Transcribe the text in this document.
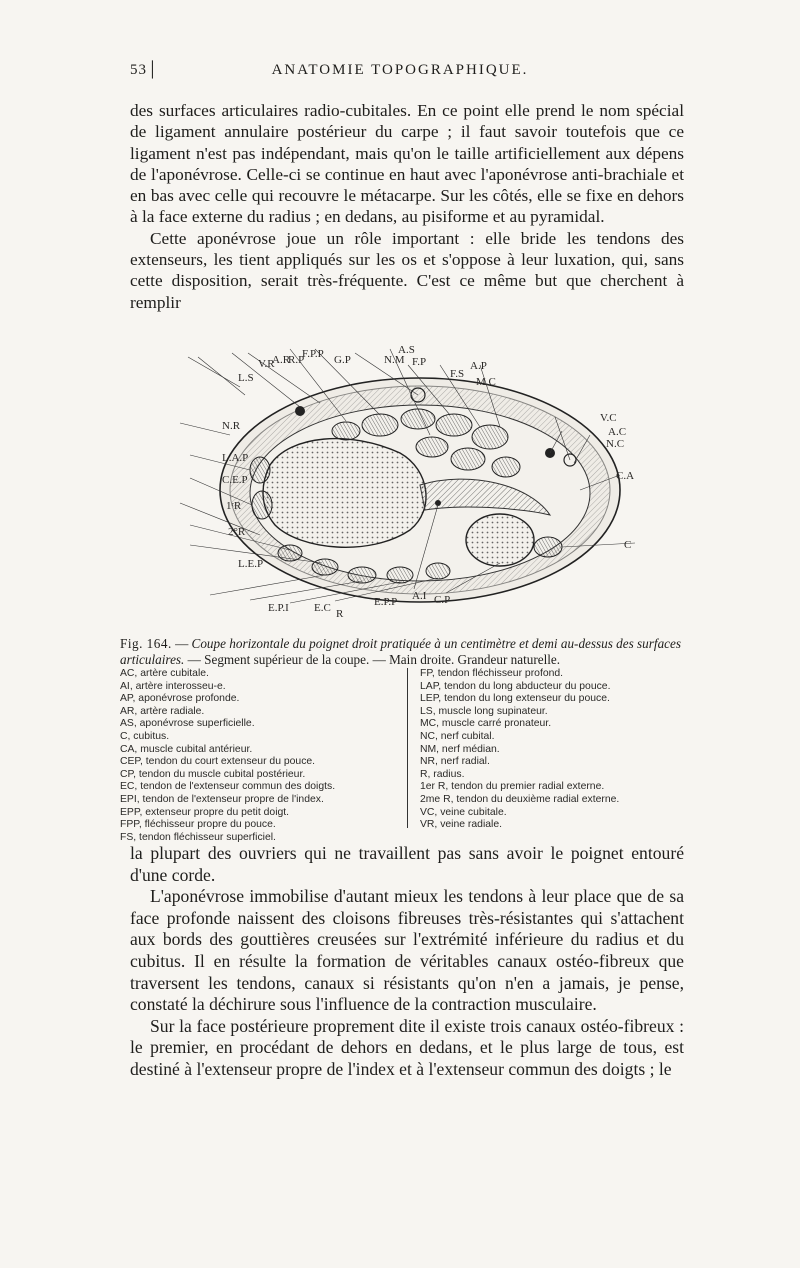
53│	ANATOMIE TOPOGRAPHIQUE.

des surfaces articulaires radio-cubitales. En ce point elle prend le nom spécial de ligament annulaire postérieur du carpe ; il faut savoir toutefois que ce ligament n'est pas indépendant, mais qu'on le taille artificiellement aux dépens de l'aponévrose. Celle-ci se continue en haut avec l'aponévrose anti-brachiale et en bas avec celle qui recouvre le métacarpe. Sur les côtés, elle se fixe en dehors à la face externe du radius ; en dedans, au pisiforme et au pyramidal.

Cette aponévrose joue un rôle important : elle bride les tendons des extenseurs, les tient appliqués sur les os et s'oppose à leur luxation, qui, sans cette disposition, serait très-fréquente. C'est ce même but que cherchent à remplir

V.R
A.R
R.P
F.P.P G.P	N.M
A.S
F.P
F.S
A.P
M.C
L.S
N.R
L.A.P
C.E.P
1ʳR
2°R
L.E.P
V.C
A.C
N.C
C.A
C
E.P.I E.C R
E.P.P A.I C.P
Fig. 164. — Coupe horizontale du poignet droit pratiquée à un centimètre et demi au-dessus des surfaces articulaires. — Segment supérieur de la coupe. — Main droite. Grandeur naturelle.
AC, artère cubitale.
AI, artère interosseu-e.
AP, aponévrose profonde.
AR, artère radiale.
AS, aponévrose superficielle.
C, cubitus.
CA, muscle cubital antérieur.
CEP, tendon du court extenseur du pouce.
CP, tendon du muscle cubital postérieur.
EC, tendon de l'extenseur commun des doigts.
EPI, tendon de l'extenseur propre de l'index.
EPP, extenseur propre du petit doigt.
FPP, fléchisseur propre du pouce.
FS, tendon fléchisseur superficiel.
FP, tendon fléchisseur profond.
LAP, tendon du long abducteur du pouce.
LEP, tendon du long extenseur du pouce.
LS, muscle long supinateur.
MC, muscle carré pronateur.
NC, nerf cubital.
NM, nerf médian.
NR, nerf radial.
R, radius.
1er R, tendon du premier radial externe.
2me R, tendon du deuxième radial externe.
VC, veine cubitale.
VR, veine radiale.

la plupart des ouvriers qui ne travaillent pas sans avoir le poignet entouré d'une corde.

L'aponévrose immobilise d'autant mieux les tendons à leur place que de sa face profonde naissent des cloisons fibreuses très-résistantes qui s'attachent aux bords des gouttières creusées sur l'extrémité inférieure du radius et du cubitus. Il en résulte la formation de véritables canaux ostéo-fibreux que traversent les tendons, canaux si résistants qu'on n'en a jamais, je pense, constaté la déchirure sous l'influence de la contraction musculaire.

Sur la face postérieure proprement dite il existe trois canaux ostéo-fibreux : le premier, en procédant de dehors en dedans, et le plus large de tous, est destiné à l'extenseur propre de l'index et à l'extenseur commun des doigts ; le
